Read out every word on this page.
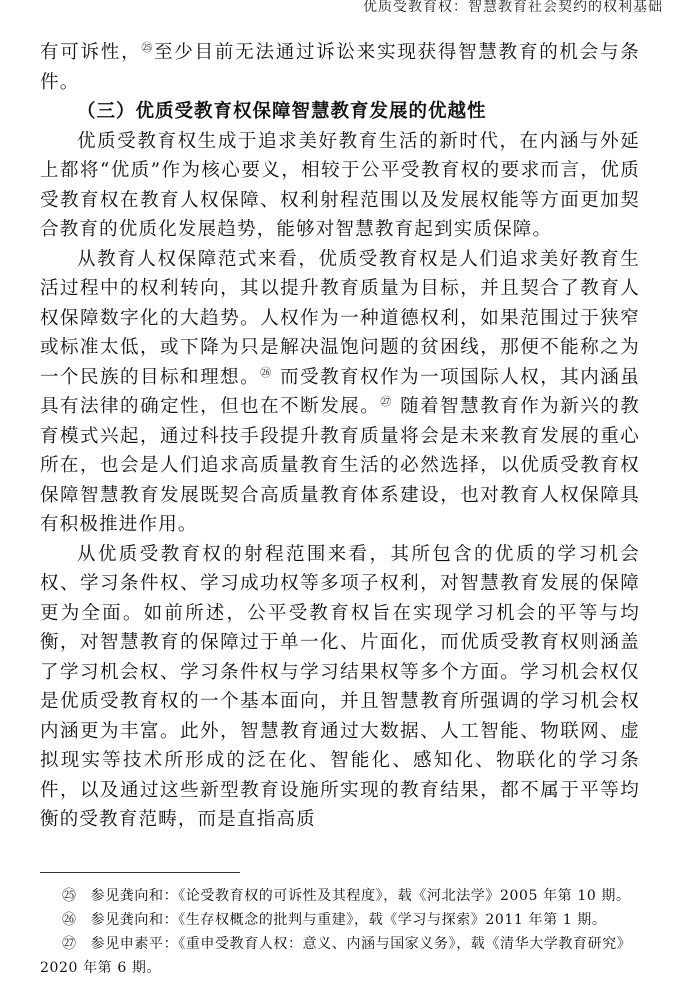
优质受教育权：智慧教育社会契约的权利基础

有可诉性，$^㉕$至少目前无法通过诉讼来实现获得智慧教育的机会与条件。

（三）优质受教育权保障智慧教育发展的优越性

优质受教育权生成于追求美好教育生活的新时代，在内涵与外延上都将“优质”作为核心要义，相较于公平受教育权的要求而言，优质受教育权在教育人权保障、权利射程范围以及发展权能等方面更加契合教育的优质化发展趋势，能够对智慧教育起到实质保障。

从教育人权保障范式来看，优质受教育权是人们追求美好教育生活过程中的权利转向，其以提升教育质量为目标，并且契合了教育人权保障数字化的大趋势。人权作为一种道德权利，如果范围过于狭窄或标准太低，或下降为只是解决温饱问题的贫困线，那便不能称之为一个民族的目标和理想。$^㉖$ 而受教育权作为一项国际人权，其内涵虽具有法律的确定性，但也在不断发展。$^㉗$ 随着智慧教育作为新兴的教育模式兴起，通过科技手段提升教育质量将会是未来教育发展的重心所在，也会是人们追求高质量教育生活的必然选择，以优质受教育权保障智慧教育发展既契合高质量教育体系建设，也对教育人权保障具有积极推进作用。

从优质受教育权的射程范围来看，其所包含的优质的学习机会权、学习条件权、学习成功权等多项子权利，对智慧教育发展的保障更为全面。如前所述，公平受教育权旨在实现学习机会的平等与均衡，对智慧教育的保障过于单一化、片面化，而优质受教育权则涵盖了学习机会权、学习条件权与学习结果权等多个方面。学习机会权仅是优质受教育权的一个基本面向，并且智慧教育所强调的学习机会权内涵更为丰富。此外，智慧教育通过大数据、人工智能、物联网、虚拟现实等技术所形成的泛在化、智能化、感知化、物联化的学习条件，以及通过这些新型教育设施所实现的教育结果，都不属于平等均衡的受教育范畴，而是直指高质

㉕ 参见龚向和：《论受教育权的可诉性及其程度》，载《河北法学》2005 年第 10 期。

㉖ 参见龚向和：《生存权概念的批判与重建》，载《学习与探索》2011 年第 1 期。

㉗ 参见申素平：《重申受教育人权：意义、内涵与国家义务》，载《清华大学教育研究》2020 年第 6 期。
